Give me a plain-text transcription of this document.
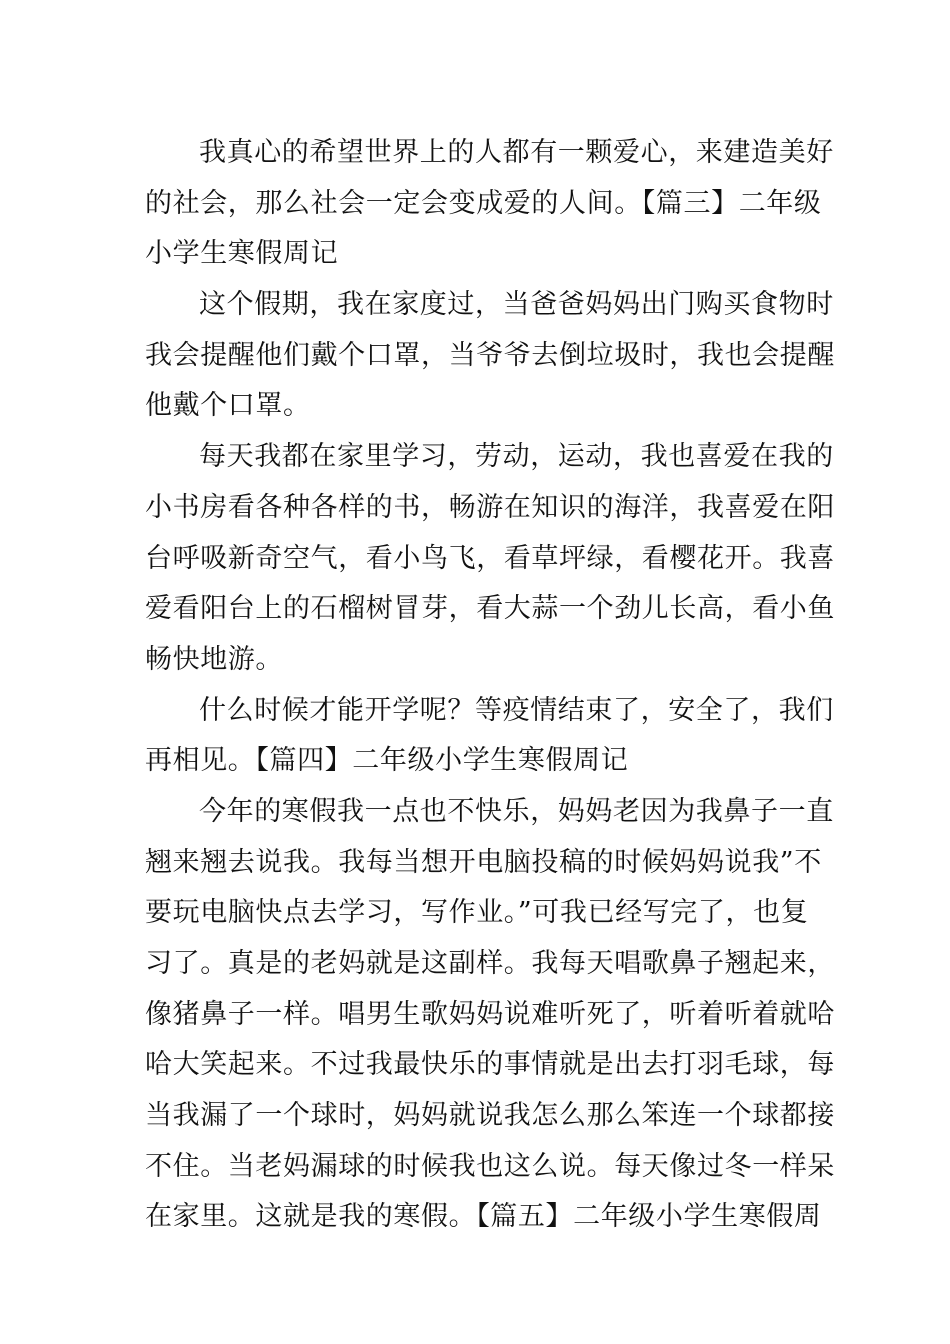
我真心的希望世界上的人都有一颗爱心，来建造美好
的社会，那么社会一定会变成爱的人间。【篇三】二年级
小学生寒假周记

这个假期，我在家度过，当爸爸妈妈出门购买食物时
我会提醒他们戴个口罩，当爷爷去倒垃圾时，我也会提醒
他戴个口罩。

每天我都在家里学习，劳动，运动，我也喜爱在我的
小书房看各种各样的书，畅游在知识的海洋，我喜爱在阳
台呼吸新奇空气，看小鸟飞，看草坪绿，看樱花开。我喜
爱看阳台上的石榴树冒芽，看大蒜一个劲儿长高，看小鱼
畅快地游。

什么时候才能开学呢？等疫情结束了，安全了，我们
再相见。【篇四】二年级小学生寒假周记

今年的寒假我一点也不快乐，妈妈老因为我鼻子一直
翘来翘去说我。我每当想开电脑投稿的时候妈妈说我”不
要玩电脑快点去学习，写作业。”可我已经写完了，也复
习了。真是的老妈就是这副样。我每天唱歌鼻子翘起来，
像猪鼻子一样。唱男生歌妈妈说难听死了，听着听着就哈
哈大笑起来。不过我最快乐的事情就是出去打羽毛球，每
当我漏了一个球时，妈妈就说我怎么那么笨连一个球都接
不住。当老妈漏球的时候我也这么说。每天像过冬一样呆
在家里。这就是我的寒假。【篇五】二年级小学生寒假周
